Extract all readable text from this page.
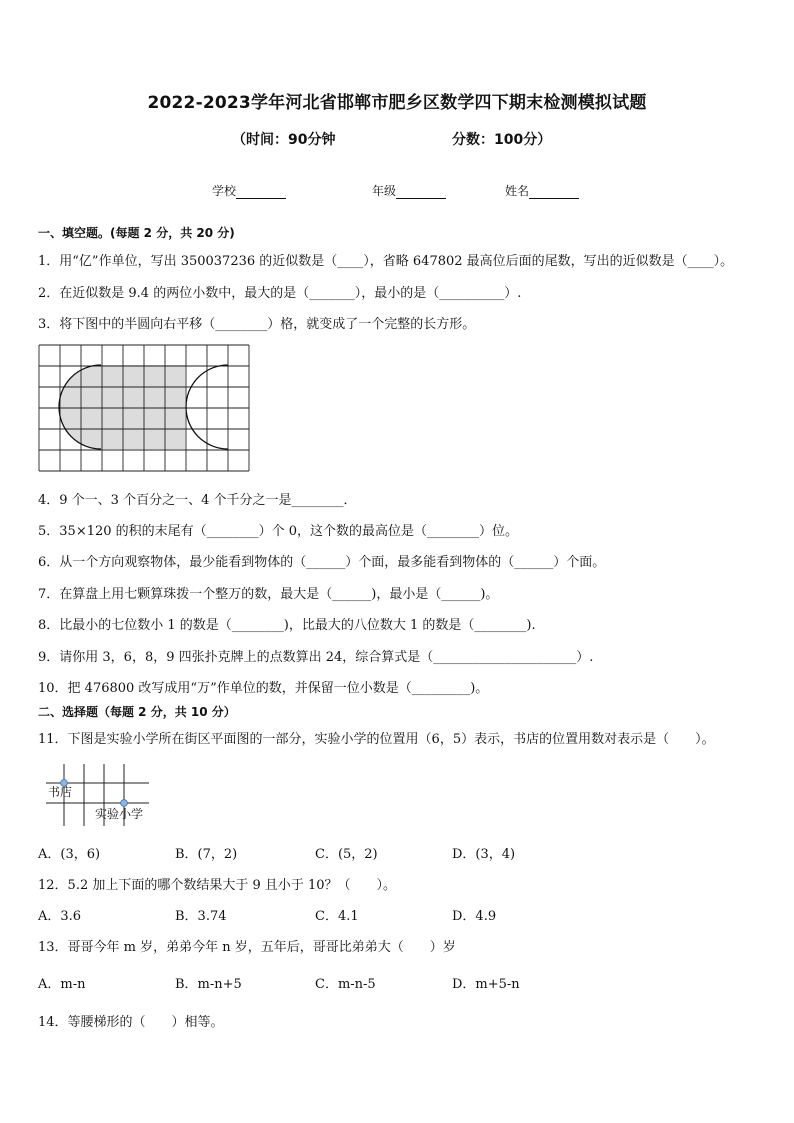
2022-2023学年河北省邯郸市肥乡区数学四下期末检测模拟试题
（时间：90分钟	分数：100分）
学校	年级	姓名
一、填空题。(每题 2 分，共 20 分)
1．用“亿”作单位，写出 350037236 的近似数是（____），省略 647802 最高位后面的尾数，写出的近似数是（____）。
2．在近似数是 9.4 的两位小数中，最大的是（_______），最小的是（__________）.
3．将下图中的半圆向右平移（________）格，就变成了一个完整的长方形。
4．9 个一、3 个百分之一、4 个千分之一是________．
5．35×120 的积的末尾有（________）个 0，这个数的最高位是（________）位。
6．从一个方向观察物体，最少能看到物体的（______）个面，最多能看到物体的（______）个面。
7．在算盘上用七颗算珠拨一个整万的数，最大是（______)，最小是（______)。
8．比最小的七位数小 1 的数是（________)，比最大的八位数大 1 的数是（________).
9．请你用 3，6，8，9 四张扑克牌上的点数算出 24，综合算式是（______________________）.
10．把 476800 改写成用“万”作单位的数，并保留一位小数是（_________)。
二、选择题（每题 2 分，共 10 分）
11．下图是实验小学所在街区平面图的一部分，实验小学的位置用（6，5）表示，书店的位置用数对表示是（　　）。
书店
实验小学
A．(3，6)	B．(7，2)	C．(5，2)	D．(3，4)
12．5.2 加上下面的哪个数结果大于 9 且小于 10？（　　）。
A．3.6	B．3.74	C．4.1	D．4.9
13．哥哥今年 m 岁，弟弟今年 n 岁，五年后，哥哥比弟弟大（　　）岁
A．m-n	B．m-n+5	C．m-n-5	D．m+5-n
14．等腰梯形的（　　）相等。
